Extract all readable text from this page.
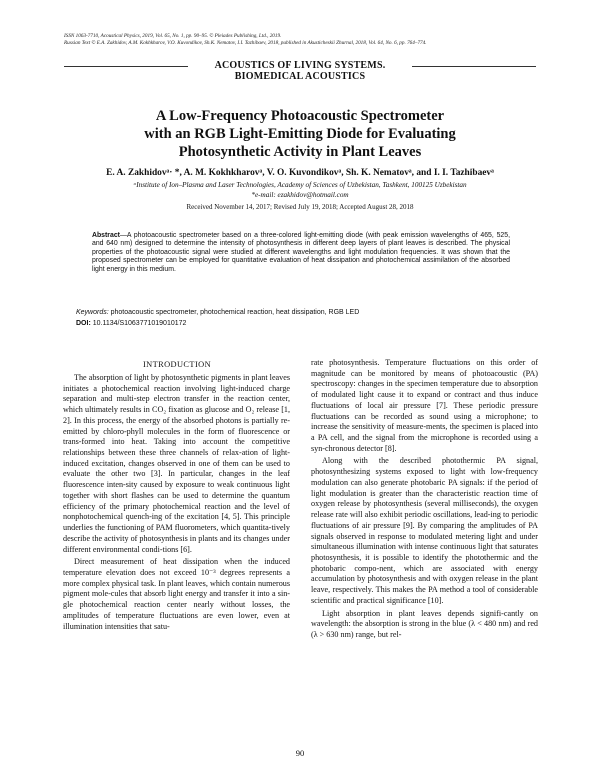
ISSN 1063-7710, Acoustical Physics, 2019, Vol. 65, No. 1, pp. 90–95. © Pleiades Publishing, Ltd., 2019.
Russian Text © E.A. Zakhidov, A.M. Kokhkharov, V.O. Kuvondikov, Sh.K. Nematov, I.I. Tazhibaev, 2018, published in Akusticheskii Zhurnal, 2018, Vol. 64, No. 6, pp. 764–774.
ACOUSTICS OF LIVING SYSTEMS.
BIOMEDICAL ACOUSTICS
A Low-Frequency Photoacoustic Spectrometer
with an RGB Light-Emitting Diode for Evaluating
Photosynthetic Activity in Plant Leaves
E. A. Zakhidovᵃ· *, A. M. Kokhkharovᵃ, V. O. Kuvondikovᵃ, Sh. K. Nematovᵃ, and I. I. Tazhibaevᵃ
ᵃInstitute of Ion–Plasma and Laser Technologies, Academy of Sciences of Uzbekistan, Tashkent, 100125 Uzbekistan
*e-mail: ezakhidov@hotmail.com
Received November 14, 2017; Revised July 19, 2018; Accepted August 28, 2018
Abstract—A photoacoustic spectrometer based on a three-colored light-emitting diode (with peak emission wavelengths of 465, 525, and 640 nm) designed to determine the intensity of photosynthesis in different deep layers of plant leaves is described. The physical properties of the photoacoustic signal were studied at different wavelengths and light modulation frequencies. It was shown that the proposed spectrometer can be employed for quantitative evaluation of heat dissipation and photochemical assimilation of the absorbed light energy in this medium.
Keywords: photoacoustic spectrometer, photochemical reaction, heat dissipation, RGB LED
DOI: 10.1134/S1063771019010172
INTRODUCTION

The absorption of light by photosynthetic pigments in plant leaves initiates a photochemical reaction involving light-induced charge separation and multi-step electron transfer in the reaction center, which ultimately results in CO₂ fixation as glucose and O₂ release [1, 2]. In this process, the energy of the absorbed photons is partially re-emitted by chloro-phyll molecules in the form of fluorescence or trans-formed into heat. Taking into account the competitive relationships between these three channels of relax-ation of light-induced excitation, changes observed in one of them can be used to evaluate the other two [3]. In particular, changes in the leaf fluorescence inten-sity caused by exposure to weak continuous light together with short flashes can be used to determine the quantum efficiency of the primary photochemical reaction and the level of nonphotochemical quench-ing of the excitation [4, 5]. This principle underlies the functioning of PAM fluorometers, which quantita-tively describe the activity of photosynthesis in plants and its changes under different environmental condi-tions [6].

Direct measurement of heat dissipation when the induced temperature elevation does not exceed 10⁻³ degrees represents a more complex physical task. In plant leaves, which contain numerous pigment mole-cules that absorb light energy and transfer it into a sin-gle photochemical reaction center nearly without losses, the amplitudes of temperature fluctuations are even lower, even at illumination intensities that satu-

rate photosynthesis. Temperature fluctuations on this order of magnitude can be monitored by means of photoacoustic (PA) spectroscopy: changes in the specimen temperature due to absorption of modulated light cause it to expand or contract and thus induce fluctuations of local air pressure [7]. These periodic pressure fluctuations can be recorded as sound using a microphone; to increase the sensitivity of measure-ments, the specimen is placed into a PA cell, and the signal from the microphone is recorded using a syn-chronous detector [8].

Along with the described photothermic PA signal, photosynthesizing systems exposed to light with low-frequency modulation can also generate photobaric PA signals: if the period of light modulation is greater than the characteristic reaction time of oxygen release by photosynthesis (several milliseconds), the oxygen release rate will also exhibit periodic oscillations, lead-ing to periodic fluctuations of air pressure [9]. By comparing the amplitudes of PA signals observed in response to modulated metering light and under simultaneous illumination with intense continuous light that saturates photosynthesis, it is possible to identify the photothermic and the photobaric compo-nent, which are associated with energy accumulation by photosynthesis and with oxygen release in the plant leave, respectively. This makes the PA method a tool of considerable scientific and practical significance [10].

Light absorption in plant leaves depends signifi-cantly on wavelength: the absorption is strong in the blue (λ < 480 nm) and red (λ > 630 nm) range, but rel-

90
